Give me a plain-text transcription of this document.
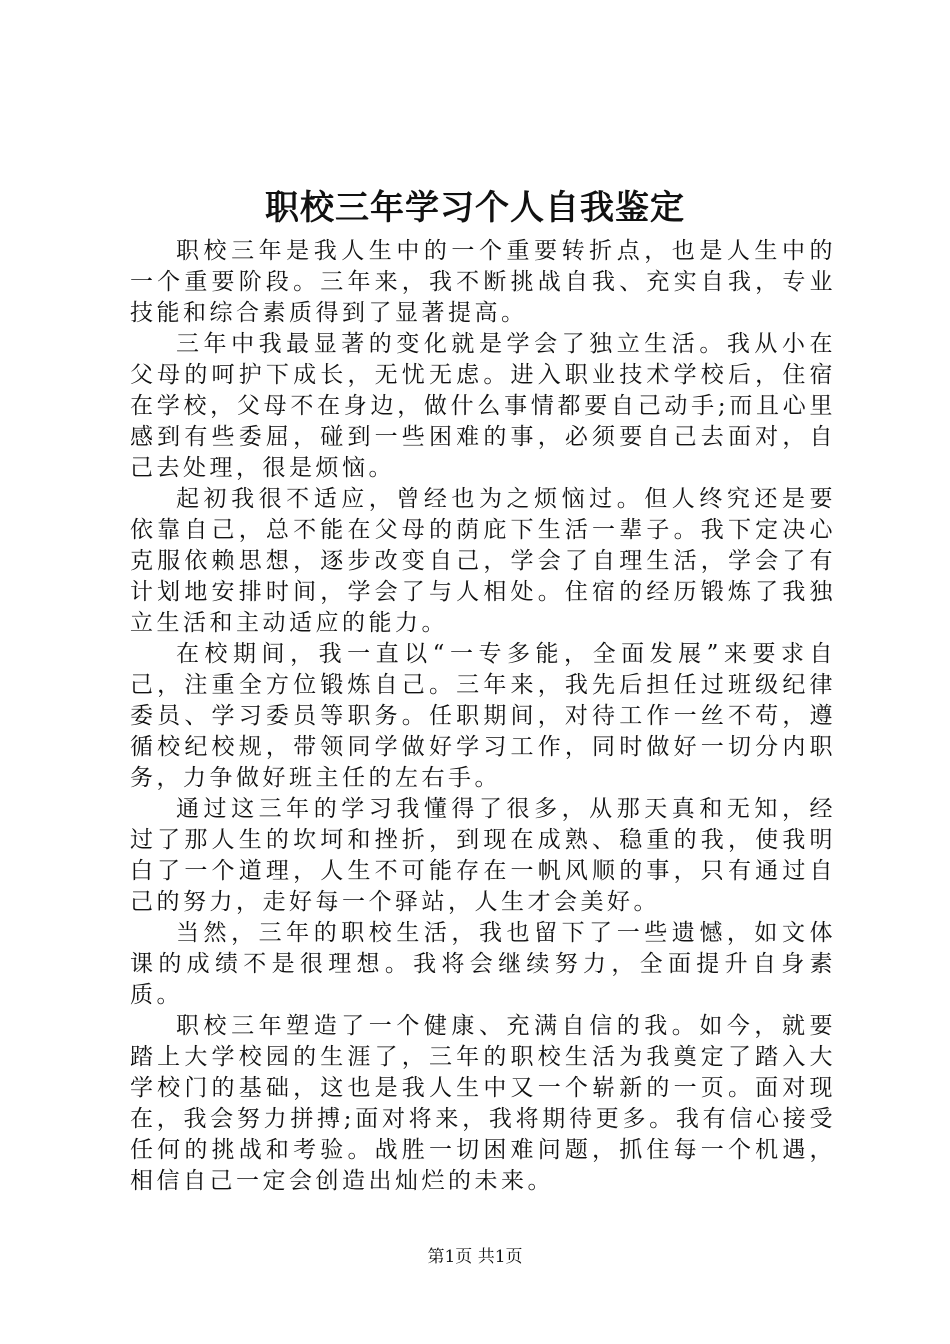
职校三年学习个人自我鉴定

职校三年是我人生中的一个重要转折点，也是人生中的一个重要阶段。三年来，我不断挑战自我、充实自我，专业技能和综合素质得到了显著提高。

三年中我最显著的变化就是学会了独立生活。我从小在父母的呵护下成长，无忧无虑。进入职业技术学校后，住宿在学校，父母不在身边，做什么事情都要自己动手;而且心里感到有些委屈，碰到一些困难的事，必须要自己去面对，自己去处理，很是烦恼。

起初我很不适应，曾经也为之烦恼过。但人终究还是要依靠自己，总不能在父母的荫庇下生活一辈子。我下定决心克服依赖思想，逐步改变自己，学会了自理生活，学会了有计划地安排时间，学会了与人相处。住宿的经历锻炼了我独立生活和主动适应的能力。

在校期间，我一直以“一专多能，全面发展”来要求自己，注重全方位锻炼自己。三年来，我先后担任过班级纪律委员、学习委员等职务。任职期间，对待工作一丝不苟，遵循校纪校规，带领同学做好学习工作，同时做好一切分内职务，力争做好班主任的左右手。

通过这三年的学习我懂得了很多，从那天真和无知，经过了那人生的坎坷和挫折，到现在成熟、稳重的我，使我明白了一个道理，人生不可能存在一帆风顺的事，只有通过自己的努力，走好每一个驿站，人生才会美好。

当然，三年的职校生活，我也留下了一些遗憾，如文体课的成绩不是很理想。我将会继续努力，全面提升自身素质。

职校三年塑造了一个健康、充满自信的我。如今，就要踏上大学校园的生涯了，三年的职校生活为我奠定了踏入大学校门的基础，这也是我人生中又一个崭新的一页。面对现在，我会努力拼搏;面对将来，我将期待更多。我有信心接受任何的挑战和考验。战胜一切困难问题，抓住每一个机遇，相信自己一定会创造出灿烂的未来。

第1页 共1页
